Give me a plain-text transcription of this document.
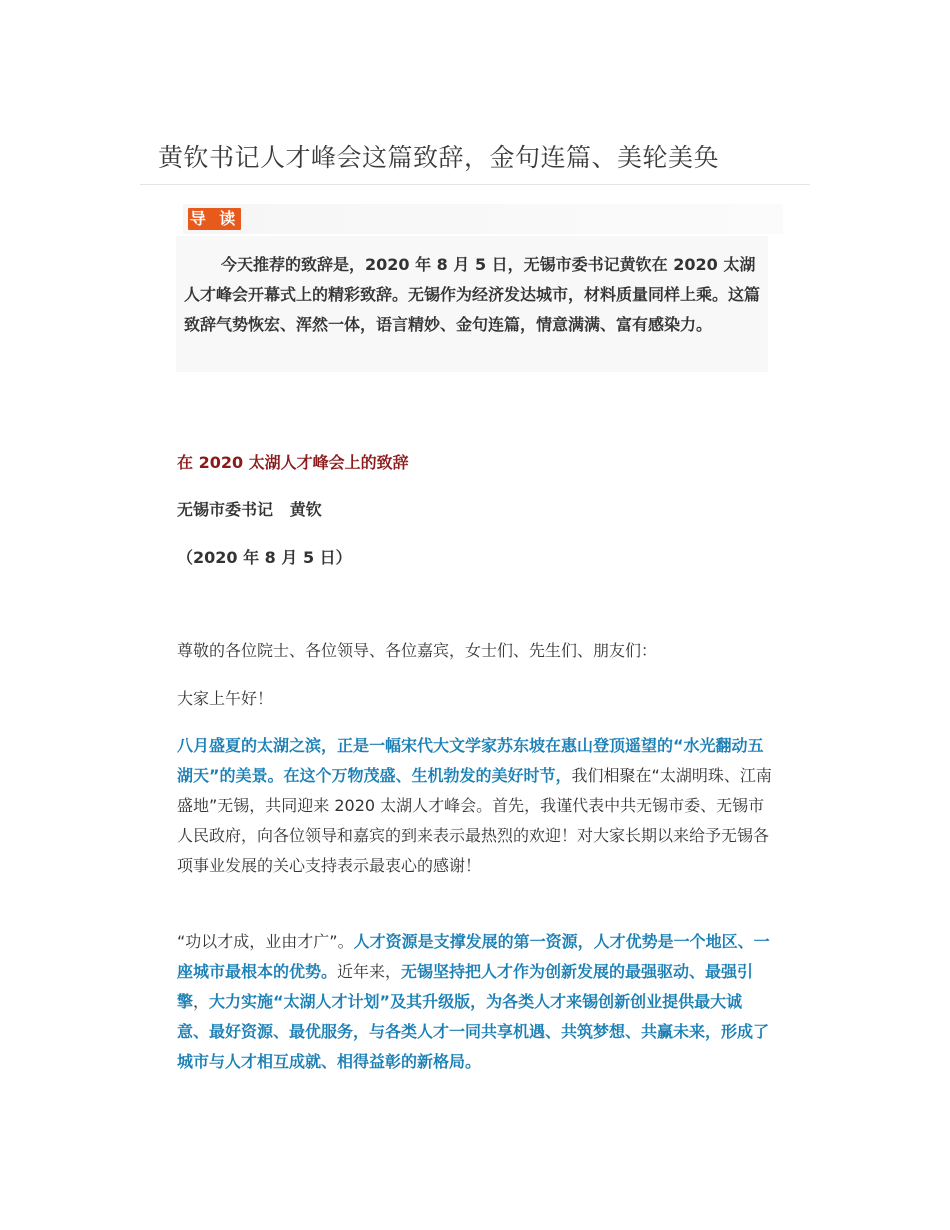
黄钦书记人才峰会这篇致辞，金句连篇、美轮美奂
导 读
今天推荐的致辞是，2020 年 8 月 5 日，无锡市委书记黄钦在 2020 太湖人才峰会开幕式上的精彩致辞。无锡作为经济发达城市，材料质量同样上乘。这篇致辞气势恢宏、浑然一体，语言精妙、金句连篇，情意满满、富有感染力。
在 2020 太湖人才峰会上的致辞
无锡市委书记   黄钦
（2020 年 8 月 5 日）
尊敬的各位院士、各位领导、各位嘉宾，女士们、先生们、朋友们：
大家上午好！
八月盛夏的太湖之滨，正是一幅宋代大文学家苏东坡在惠山登顶遥望的“水光翻动五湖天”的美景。在这个万物茂盛、生机勃发的美好时节，我们相聚在“太湖明珠、江南盛地”无锡，共同迎来 2020 太湖人才峰会。首先，我谨代表中共无锡市委、无锡市人民政府，向各位领导和嘉宾的到来表示最热烈的欢迎！对大家长期以来给予无锡各项事业发展的关心支持表示最衷心的感谢！
“功以才成，业由才广”。人才资源是支撑发展的第一资源，人才优势是一个地区、一座城市最根本的优势。近年来，无锡坚持把人才作为创新发展的最强驱动、最强引擎，大力实施“太湖人才计划”及其升级版，为各类人才来锡创新创业提供最大诚意、最好资源、最优服务，与各类人才一同共享机遇、共筑梦想、共赢未来，形成了城市与人才相互成就、相得益彰的新格局。
